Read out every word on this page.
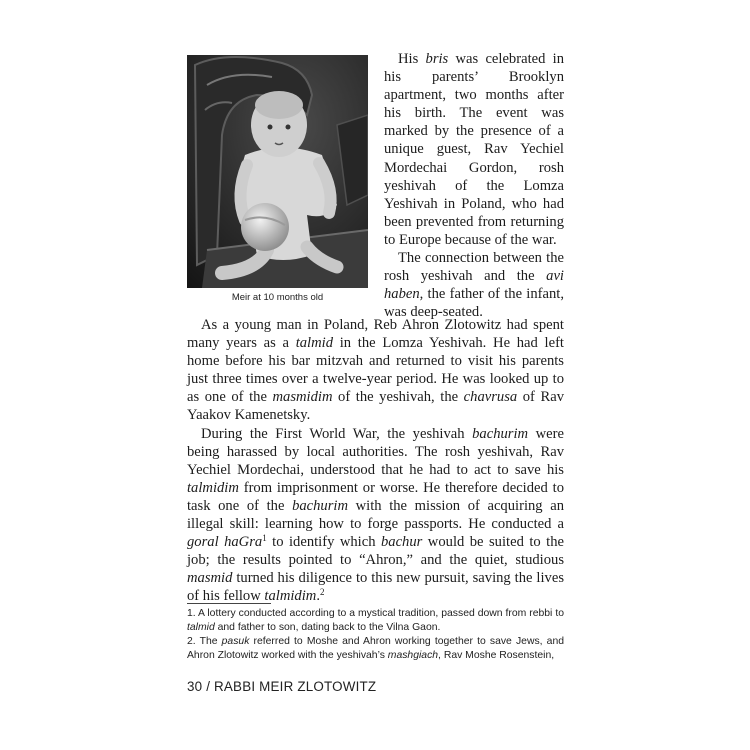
Meir at 10 months old

His bris was celebrated in his parents’ Brooklyn apartment, two months after his birth. The event was marked by the presence of a unique guest, Rav Yechiel Mordechai Gordon, rosh yeshivah of the Lomza Yeshivah in Poland, who had been prevented from returning to Europe because of the war.

The connection between the rosh yeshivah and the avi haben, the father of the infant, was deep-seated.

As a young man in Poland, Reb Ahron Zlotowitz had spent many years as a talmid in the Lomza Yeshivah. He had left home before his bar mitzvah and returned to visit his parents just three times over a twelve-year period. He was looked up to as one of the masmidim of the yeshivah, the chavrusa of Rav Yaakov Kamenetsky.

During the First World War, the yeshivah bachurim were being harassed by local authorities. The rosh yeshivah, Rav Yechiel Mordechai, understood that he had to act to save his talmidim from imprisonment or worse. He therefore decided to task one of the bachurim with the mission of acquiring an illegal skill: learning how to forge passports. He conducted a goral haGra$^1$ to identify which bachur would be suited to the job; the results pointed to “Ahron,” and the quiet, studious masmid turned his diligence to this new pursuit, saving the lives of his fellow talmidim.$^2$

1. A lottery conducted according to a mystical tradition, passed down from rebbi to talmid and father to son, dating back to the Vilna Gaon.

2. The pasuk referred to Moshe and Ahron working together to save Jews, and Ahron Zlotowitz worked with the yeshivah’s mashgiach, Rav Moshe Rosenstein,

30 / RABBI MEIR ZLOTOWITZ
